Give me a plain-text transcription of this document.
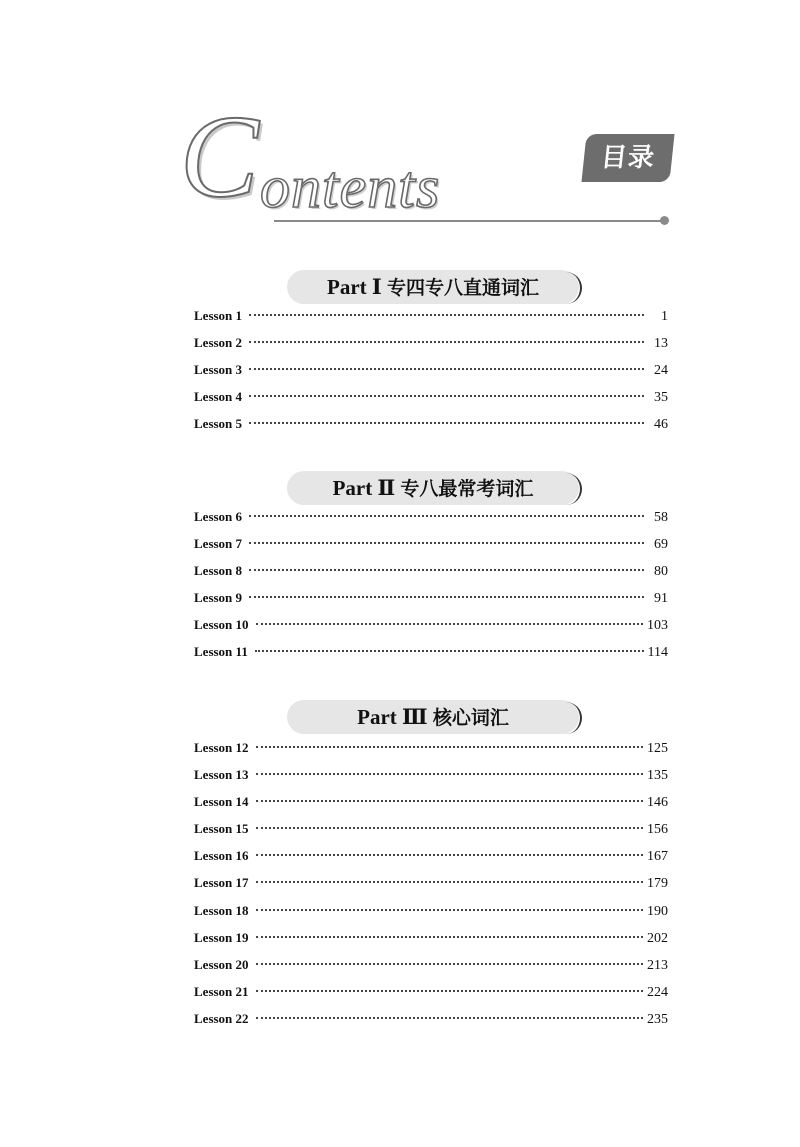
C ontents	目录
Part Ⅰ 专四专八直通词汇
Lesson 1	1
Lesson 2	13
Lesson 3	24
Lesson 4	35
Lesson 5	46
Part Ⅱ 专八最常考词汇
Lesson 6	58
Lesson 7	69
Lesson 8	80
Lesson 9	91
Lesson 10	103
Lesson 11	114
Part Ⅲ 核心词汇
Lesson 12	125
Lesson 13	135
Lesson 14	146
Lesson 15	156
Lesson 16	167
Lesson 17	179
Lesson 18	190
Lesson 19	202
Lesson 20	213
Lesson 21	224
Lesson 22	235
